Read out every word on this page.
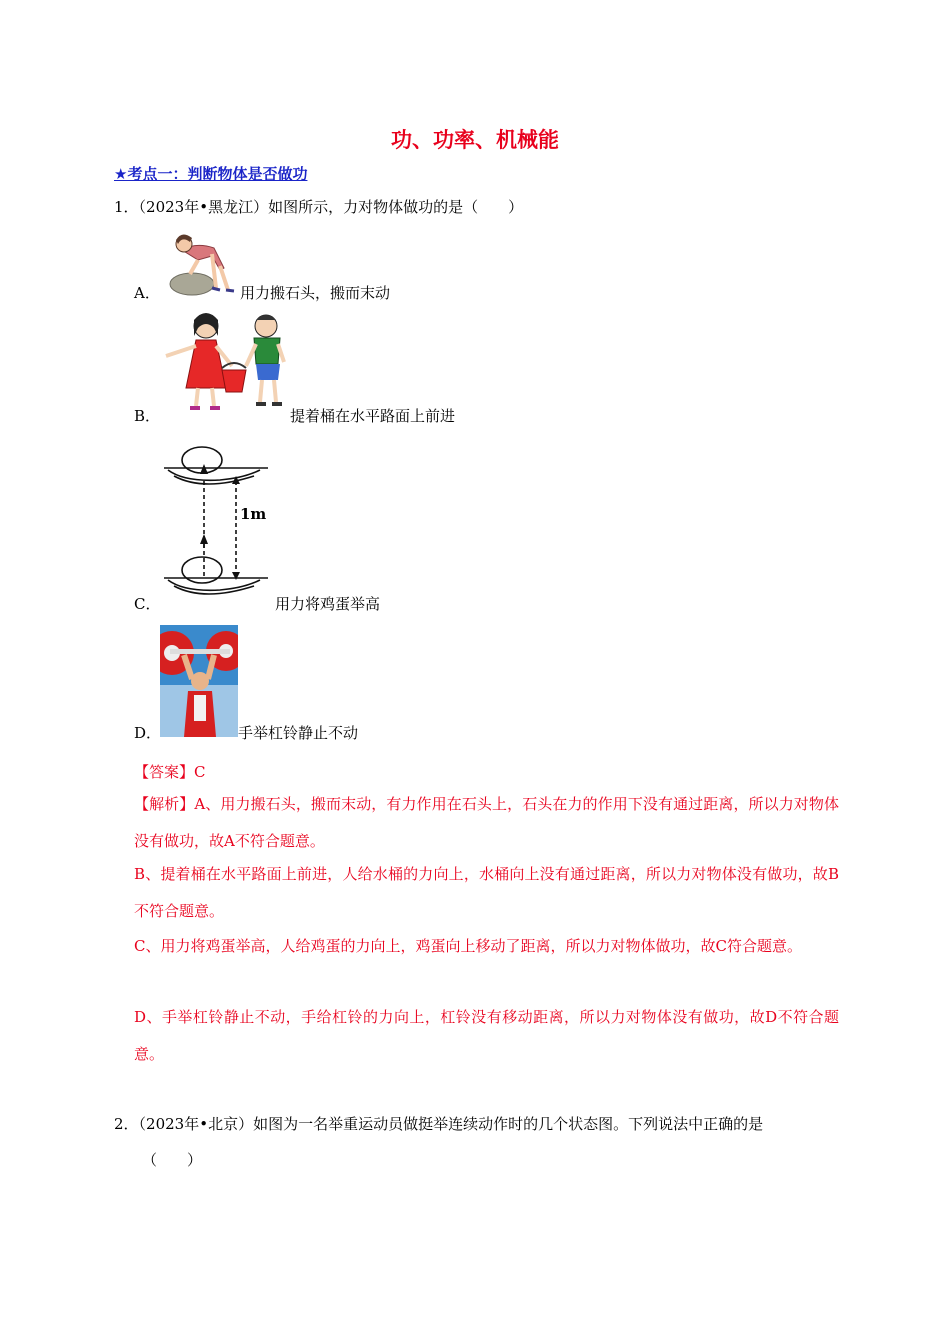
功、功率、机械能
★考点一：判断物体是否做功
1．（2023年•黑龙江）如图所示，力对物体做功的是（　　）
A．	用力搬石头，搬而末动
B．	提着桶在水平路面上前进
1m
C．	用力将鸡蛋举高
D．	手举杠铃静止不动
【答案】C
【解析】A、用力搬石头，搬而末动，有力作用在石头上，石头在力的作用下没有通过距离，所以力对物体没有做功，故A不符合题意。
B、提着桶在水平路面上前进，人给水桶的力向上，水桶向上没有通过距离，所以力对物体没有做功，故B不符合题意。
C、用力将鸡蛋举高，人给鸡蛋的力向上，鸡蛋向上移动了距离，所以力对物体做功，故C符合题意。
D、手举杠铃静止不动，手给杠铃的力向上，杠铃没有移动距离，所以力对物体没有做功，故D不符合题意。
2．（2023年•北京）如图为一名举重运动员做挺举连续动作时的几个状态图。下列说法中正确的是
（　　）
